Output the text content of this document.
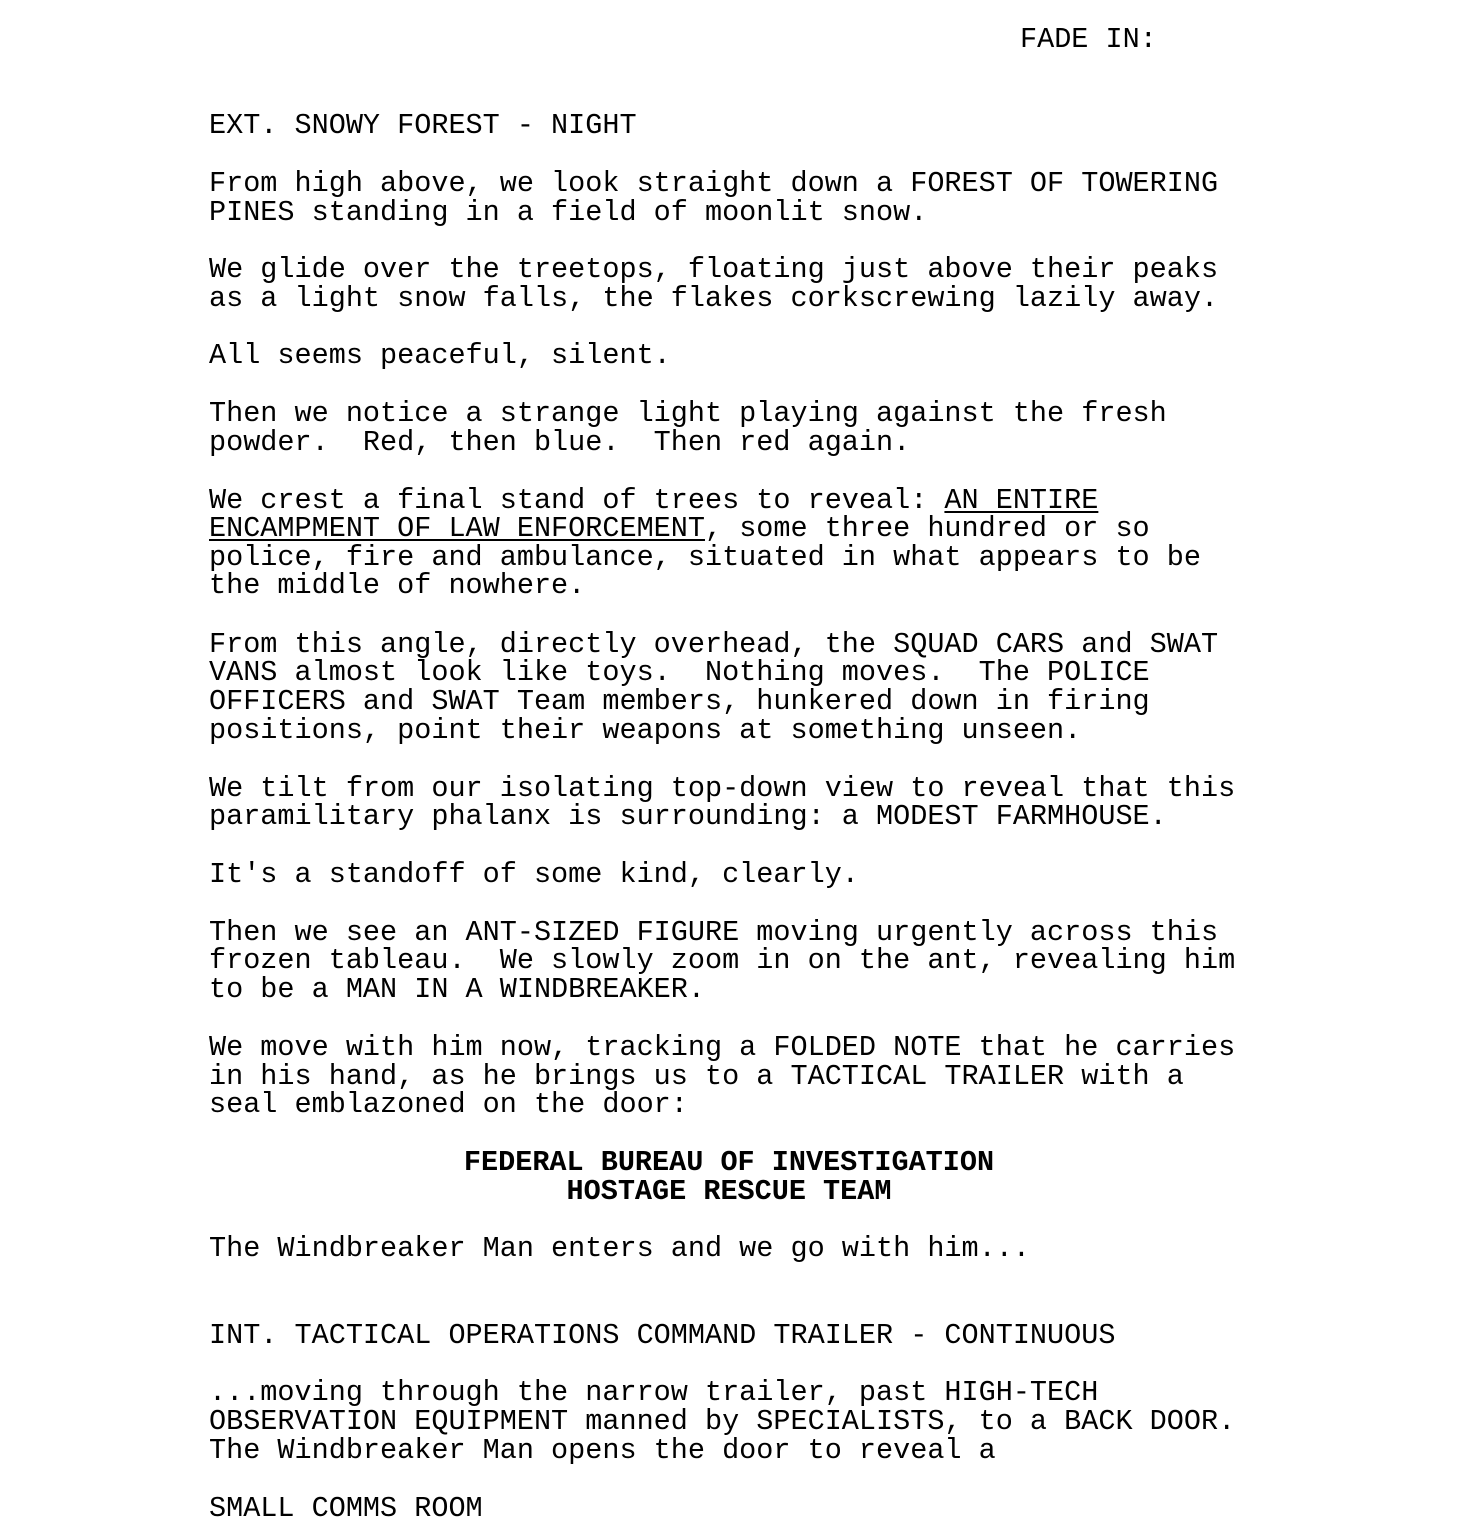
FADE IN:
EXT. SNOWY FOREST - NIGHT
From high above, we look straight down a FOREST OF TOWERING
PINES standing in a field of moonlit snow.
We glide over the treetops, floating just above their peaks
as a light snow falls, the flakes corkscrewing lazily away.
All seems peaceful, silent.
Then we notice a strange light playing against the fresh
powder.  Red, then blue.  Then red again.
We crest a final stand of trees to reveal: AN ENTIRE
ENCAMPMENT OF LAW ENFORCEMENT, some three hundred or so
police, fire and ambulance, situated in what appears to be
the middle of nowhere.
From this angle, directly overhead, the SQUAD CARS and SWAT
VANS almost look like toys.  Nothing moves.  The POLICE
OFFICERS and SWAT Team members, hunkered down in firing
positions, point their weapons at something unseen.
We tilt from our isolating top-down view to reveal that this
paramilitary phalanx is surrounding: a MODEST FARMHOUSE.
It's a standoff of some kind, clearly.
Then we see an ANT-SIZED FIGURE moving urgently across this
frozen tableau.  We slowly zoom in on the ant, revealing him
to be a MAN IN A WINDBREAKER.
We move with him now, tracking a FOLDED NOTE that he carries
in his hand, as he brings us to a TACTICAL TRAILER with a
seal emblazoned on the door:
FEDERAL BUREAU OF INVESTIGATION
HOSTAGE RESCUE TEAM
The Windbreaker Man enters and we go with him...
INT. TACTICAL OPERATIONS COMMAND TRAILER - CONTINUOUS
...moving through the narrow trailer, past HIGH-TECH
OBSERVATION EQUIPMENT manned by SPECIALISTS, to a BACK DOOR.
The Windbreaker Man opens the door to reveal a
SMALL COMMS ROOM
